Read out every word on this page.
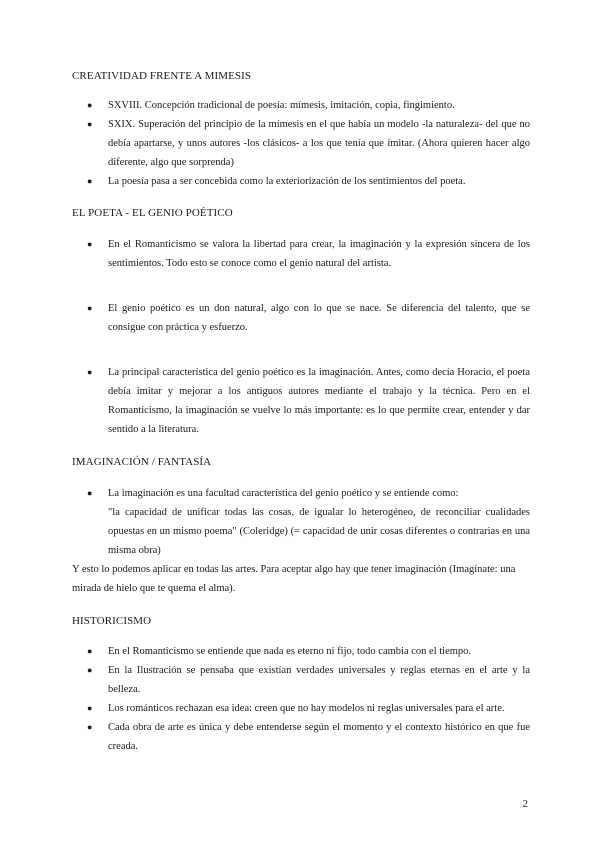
CREATIVIDAD FRENTE A MIMESIS
● SXVIII. Concepción tradicional de poesía: mímesis, imitación, copia, fingimiento.
● SXIX. Superación del principio de la mímesis en el que había un modelo -la naturaleza- del que no debía apartarse, y unos autores -los clásicos- a los que tenía que imitar. (Ahora quieren hacer algo diferente, algo que sorprenda)
● La poesía pasa a ser concebida como la exteriorización de los sentimientos del poeta.
EL POETA - EL GENIO POÉTICO
● En el Romanticismo se valora la libertad para crear, la imaginación y la expresión sincera de los sentimientos. Todo esto se conoce como el genio natural del artista.
● El genio poético es un don natural, algo con lo que se nace. Se diferencia del talento, que se consigue con práctica y esfuerzo.
● La principal característica del genio poético es la imaginación. Antes, como decía Horacio, el poeta debía imitar y mejorar a los antiguos autores mediante el trabajo y la técnica. Pero en el Romanticismo, la imaginación se vuelve lo más importante: es lo que permite crear, entender y dar sentido a la literatura.
IMAGINACIÓN / FANTASÍA
● La imaginación es una facultad característica del genio poético y se entiende como:
"la capacidad de unificar todas las cosas, de igualar lo heterogéneo, de reconciliar cualidades opuestas en un mismo poema" (Coleridge) (= capacidad de unir cosas diferentes o contrarias en una misma obra)

Y esto lo podemos aplicar en todas las artes. Para aceptar algo hay que tener imaginación (Imagínate: una mirada de hielo que te quema el alma).

HISTORICISMO
● En el Romanticismo se entiende que nada es eterno ni fijo, todo cambia con el tiempo.
● En la Ilustración se pensaba que existían verdades universales y reglas eternas en el arte y la belleza.
● Los románticos rechazan esa idea: creen que no hay modelos ni reglas universales para el arte.
● Cada obra de arte es única y debe entenderse según el momento y el contexto histórico en que fue creada.
2
